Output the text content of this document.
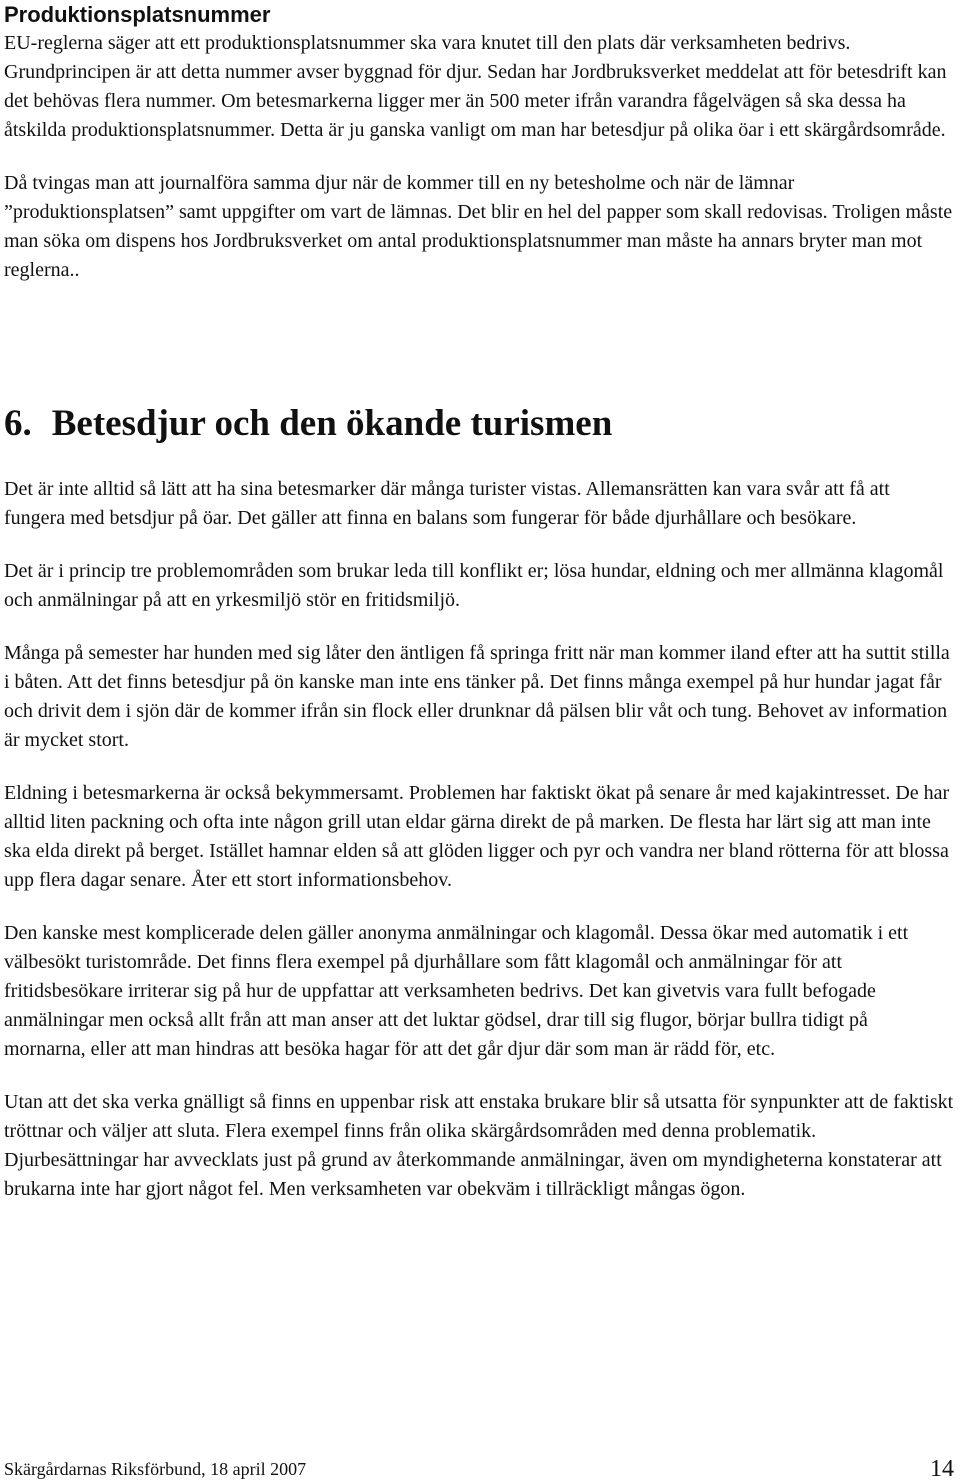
Produktionsplatsnummer

EU-reglerna säger att ett produktionsplatsnummer ska vara knutet till den plats där verksamheten bedrivs. Grundprincipen är att detta nummer avser byggnad för djur. Sedan har Jordbruksverket meddelat att för betesdrift kan det behövas flera nummer. Om betesmarkerna ligger mer än 500 meter ifrån varandra fågelvägen så ska dessa ha åtskilda produktionsplatsnummer. Detta är ju ganska vanligt om man har betesdjur på olika öar i ett skärgårdsområde.

Då tvingas man att journalföra samma djur när de kommer till en ny betesholme och när de lämnar ”produktionsplatsen” samt uppgifter om vart de lämnas. Det blir en hel del papper som skall redovisas. Troligen måste man söka om dispens hos Jordbruksverket om antal produktionsplatsnummer man måste ha annars bryter man mot reglerna..

6. Betesdjur och den ökande turismen

Det är inte alltid så lätt att ha sina betesmarker där många turister vistas. Allemansrätten kan vara svår att få att fungera med betsdjur på öar. Det gäller att finna en balans som fungerar för både djurhållare och besökare.

Det är i princip tre problemområden som brukar leda till konflikt er; lösa hundar, eldning och mer allmänna klagomål och anmälningar på att en yrkesmiljö stör en fritidsmiljö.

Många på semester har hunden med sig låter den äntligen få springa fritt när man kommer iland efter att ha suttit stilla i båten. Att det finns betesdjur på ön kanske man inte ens tänker på. Det finns många exempel på hur hundar jagat får och drivit dem i sjön där de kommer ifrån sin flock eller drunknar då pälsen blir våt och tung. Behovet av information är mycket stort.

Eldning i betesmarkerna är också bekymmersamt. Problemen har faktiskt ökat på senare år med kajakintresset. De har alltid liten packning och ofta inte någon grill utan eldar gärna direkt de på marken. De flesta har lärt sig att man inte ska elda direkt på berget. Istället hamnar elden så att glöden ligger och pyr och vandra ner bland rötterna för att blossa upp flera dagar senare. Åter ett stort informationsbehov.

Den kanske mest komplicerade delen gäller anonyma anmälningar och klagomål. Dessa ökar med automatik i ett välbesökt turistområde. Det finns flera exempel på djurhållare som fått klagomål och anmälningar för att fritidsbesökare irriterar sig på hur de uppfattar att verksamheten bedrivs. Det kan givetvis vara fullt befogade anmälningar men också allt från att man anser att det luktar gödsel, drar till sig flugor, börjar bullra tidigt på mornarna, eller att man hindras att besöka hagar för att det går djur där som man är rädd för, etc.

Utan att det ska verka gnälligt så finns en uppenbar risk att enstaka brukare blir så utsatta för synpunkter att de faktiskt tröttnar och väljer att sluta. Flera exempel finns från olika skärgårdsområden med denna problematik. Djurbesättningar har avvecklats just på grund av återkommande anmälningar, även om myndigheterna konstaterar att brukarna inte har gjort något fel. Men verksamheten var obekväm i tillräckligt mångas ögon.

Skärgårdarnas Riksförbund, 18 april 2007	14
